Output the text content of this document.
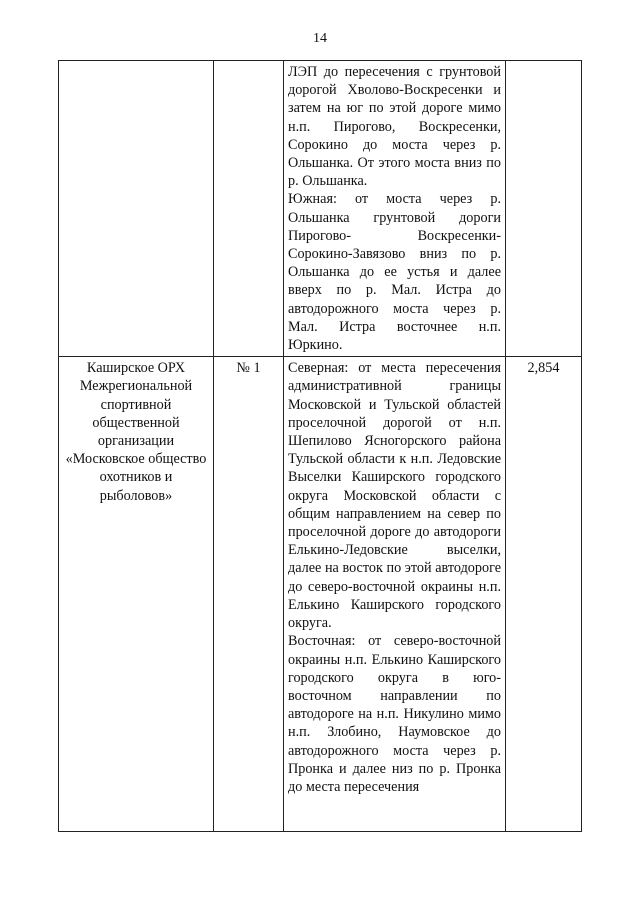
14

		ЛЭП до пересечения с грунтовой дорогой Хволово-Воскресенки и затем на юг по этой дороге мимо н.п. Пирогово, Воскресенки, Сорокино до моста через р. Ольшанка. От этого моста вниз по р. Ольшанка.

Южная: от моста через р. Ольшанка грунтовой дороги Пирогово- Воскресенки-Сорокино-Завязово вниз по р. Ольшанка до ее устья и далее вверх по р. Мал. Истра до автодорожного моста через р. Мал. Истра восточнее н.п. Юркино.	

Каширское ОРХ Межрегиональной спортивной общественной организации «Московское общество охотников и рыболовов»	№ 1	Северная: от места пересечения административной границы Московской и Тульской областей проселочной дорогой от н.п. Шепилово Ясногорского района Тульской области к н.п. Ледовские Выселки Каширского городского округа Московской области с общим направлением на север по проселочной дороге до автодороги Елькино-Ледовские выселки, далее на восток по этой автодороге до северо-восточной окраины н.п. Елькино Каширского городского округа.

Восточная: от северо-восточной окраины н.п. Елькино Каширского городского округа в юго-восточном направлении по автодороге на н.п. Никулино мимо н.п. Злобино, Наумовское до автодорожного моста через р. Пронка и далее низ по р. Пронка до места пересечения	2,854
